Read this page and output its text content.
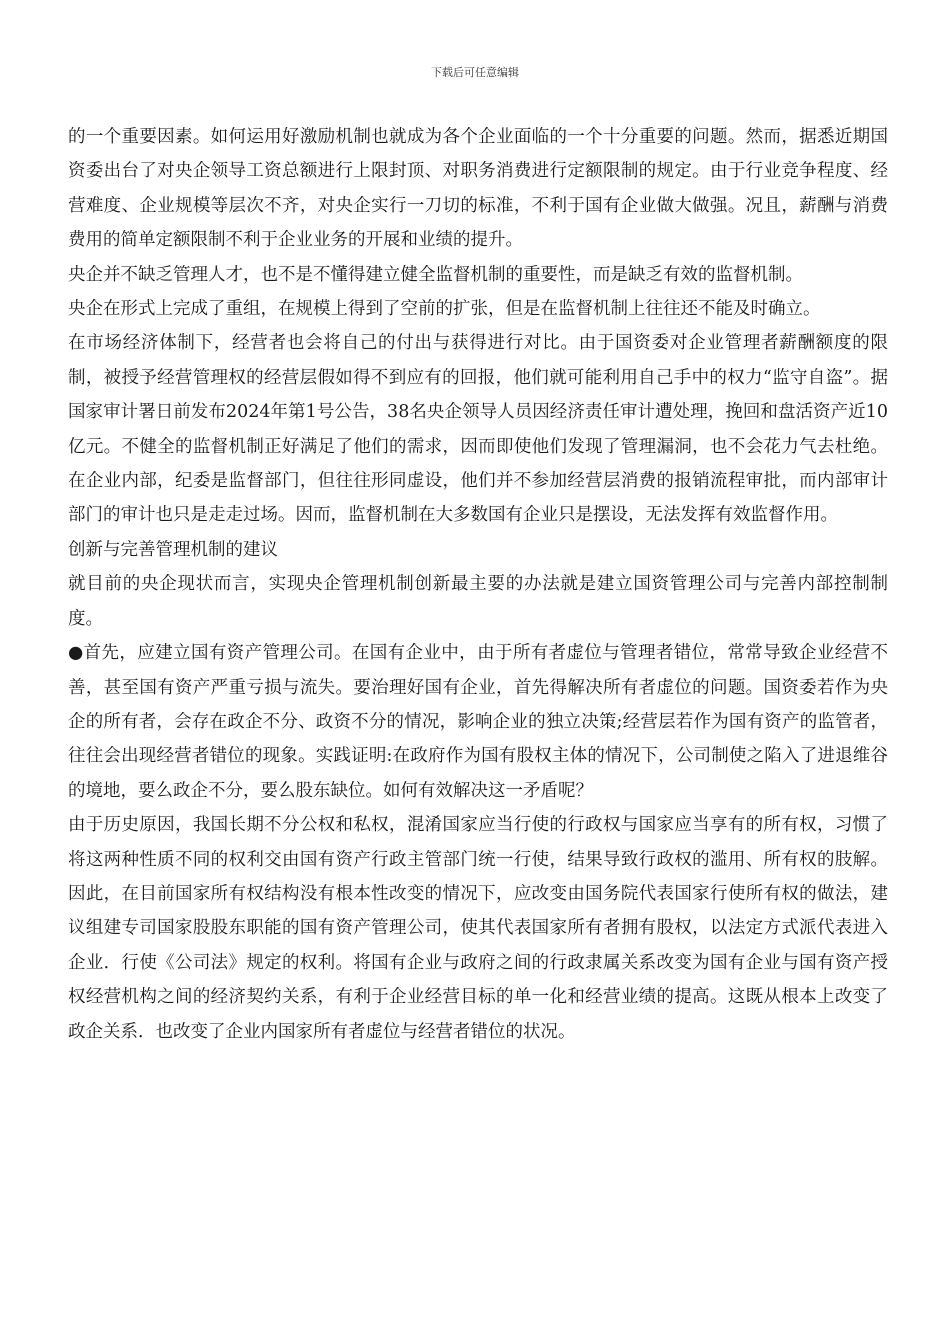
下载后可任意编辑

的一个重要因素。如何运用好激励机制也就成为各个企业面临的一个十分重要的问题。然而，据悉近期国资委出台了对央企领导工资总额进行上限封顶、对职务消费进行定额限制的规定。由于行业竞争程度、经营难度、企业规模等层次不齐，对央企实行一刀切的标准，不利于国有企业做大做强。况且，薪酬与消费费用的简单定额限制不利于企业业务的开展和业绩的提升。

央企并不缺乏管理人才，也不是不懂得建立健全监督机制的重要性，而是缺乏有效的监督机制。

央企在形式上完成了重组，在规模上得到了空前的扩张，但是在监督机制上往往还不能及时确立。

在市场经济体制下，经营者也会将自己的付出与获得进行对比。由于国资委对企业管理者薪酬额度的限制，被授予经营管理权的经营层假如得不到应有的回报，他们就可能利用自己手中的权力“监守自盗”。据国家审计署日前发布2024年第1号公告，38名央企领导人员因经济责任审计遭处理，挽回和盘活资产近10亿元。不健全的监督机制正好满足了他们的需求，因而即使他们发现了管理漏洞，也不会花力气去杜绝。在企业内部，纪委是监督部门，但往往形同虚设，他们并不参加经营层消费的报销流程审批，而内部审计部门的审计也只是走走过场。因而，监督机制在大多数国有企业只是摆设，无法发挥有效监督作用。

创新与完善管理机制的建议

就目前的央企现状而言，实现央企管理机制创新最主要的办法就是建立国资管理公司与完善内部控制制度。

●首先，应建立国有资产管理公司。在国有企业中，由于所有者虚位与管理者错位，常常导致企业经营不善，甚至国有资产严重亏损与流失。要治理好国有企业，首先得解决所有者虚位的问题。国资委若作为央企的所有者，会存在政企不分、政资不分的情况，影响企业的独立决策;经营层若作为国有资产的监管者，往往会出现经营者错位的现象。实践证明:在政府作为国有股权主体的情况下，公司制使之陷入了进退维谷的境地，要么政企不分，要么股东缺位。如何有效解决这一矛盾呢？

由于历史原因，我国长期不分公权和私权，混淆国家应当行使的行政权与国家应当享有的所有权，习惯了将这两种性质不同的权利交由国有资产行政主管部门统一行使，结果导致行政权的滥用、所有权的肢解。因此，在目前国家所有权结构没有根本性改变的情况下，应改变由国务院代表国家行使所有权的做法，建议组建专司国家股股东职能的国有资产管理公司，使其代表国家所有者拥有股权，以法定方式派代表进入企业．行使《公司法》规定的权利。将国有企业与政府之间的行政隶属关系改变为国有企业与国有资产授权经营机构之间的经济契约关系，有利于企业经营目标的单一化和经营业绩的提高。这既从根本上改变了政企关系．也改变了企业内国家所有者虚位与经营者错位的状况。
